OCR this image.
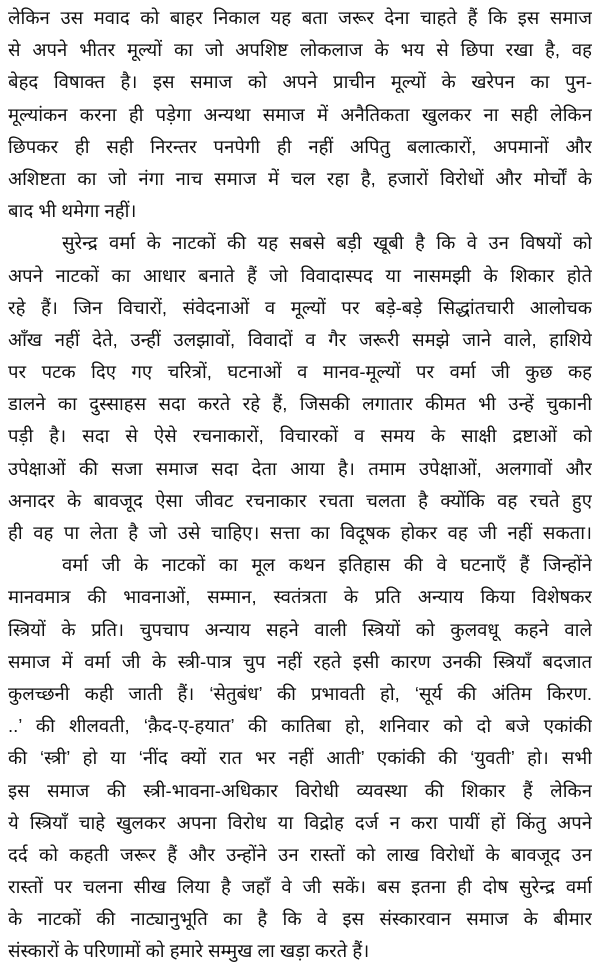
लेकिन उस मवाद को बाहर निकाल यह बता जरूर देना चाहते हैं कि इस समाज
से अपने भीतर मूल्यों का जो अपशिष्ट लोकलाज के भय से छिपा रखा है, वह
बेहद विषाक्त है। इस समाज को अपने प्राचीन मूल्यों के खरेपन का पुन-
मूल्यांकन करना ही पड़ेगा अन्यथा समाज में अनैतिकता खुलकर ना सही लेकिन
छिपकर ही सही निरन्तर पनपेगी ही नहीं अपितु बलात्कारों, अपमानों और
अशिष्टता का जो नंगा नाच समाज में चल रहा है, हजारों विरोधों और मोर्चों के
बाद भी थमेगा नहीं।
सुरेन्द्र वर्मा के नाटकों की यह सबसे बड़ी खूबी है कि वे उन विषयों को
अपने नाटकों का आधार बनाते हैं जो विवादास्पद या नासमझी के शिकार होते
रहे हैं। जिन विचारों, संवेदनाओं व मूल्यों पर बड़े-बड़े सिद्धांतचारी आलोचक
आँख नहीं देते, उन्हीं उलझावों, विवादों व गैर जरूरी समझे जाने वाले, हाशिये
पर पटक दिए गए चरित्रों, घटनाओं व मानव-मूल्यों पर वर्मा जी कुछ कह
डालने का दुस्साहस सदा करते रहे हैं, जिसकी लगातार कीमत भी उन्हें चुकानी
पड़ी है। सदा से ऐसे रचनाकारों, विचारकों व समय के साक्षी द्रष्टाओं को
उपेक्षाओं की सजा समाज सदा देता आया है। तमाम उपेक्षाओं, अलगावों और
अनादर के बावजूद ऐसा जीवट रचनाकार रचता चलता है क्योंकि वह रचते हुए
ही वह पा लेता है जो उसे चाहिए। सत्ता का विदूषक होकर वह जी नहीं सकता।
वर्मा जी के नाटकों का मूल कथन इतिहास की वे घटनाएँ हैं जिन्होंने
मानवमात्र की भावनाओं, सम्मान, स्वतंत्रता के प्रति अन्याय किया विशेषकर
स्त्रियों के प्रति। चुपचाप अन्याय सहने वाली स्त्रियों को कुलवधू कहने वाले
समाज में वर्मा जी के स्त्री-पात्र चुप नहीं रहते इसी कारण उनकी स्त्रियाँ बदजात
कुलच्छनी कही जाती हैं। ‘सेतुबंध’ की प्रभावती हो, ‘सूर्य की अंतिम किरण.
..’ की शीलवती, ‘क़ैद-ए-हयात’ की कातिबा हो, शनिवार को दो बजे एकांकी
की ‘स्त्री’ हो या ‘नींद क्यों रात भर नहीं आती’ एकांकी की ‘युवती’ हो। सभी
इस समाज की स्त्री-भावना-अधिकार विरोधी व्यवस्था की शिकार हैं लेकिन
ये स्त्रियाँ चाहे खुलकर अपना विरोध या विद्रोह दर्ज न करा पायीं हों किंतु अपने
दर्द को कहती जरूर हैं और उन्होंने उन रास्तों को लाख विरोधों के बावजूद उन
रास्तों पर चलना सीख लिया है जहाँ वे जी सकें। बस इतना ही दोष सुरेन्द्र वर्मा
के नाटकों की नाट्यानुभूति का है कि वे इस संस्कारवान समाज के बीमार
संस्कारों के परिणामों को हमारे सम्मुख ला खड़ा करते हैं।
